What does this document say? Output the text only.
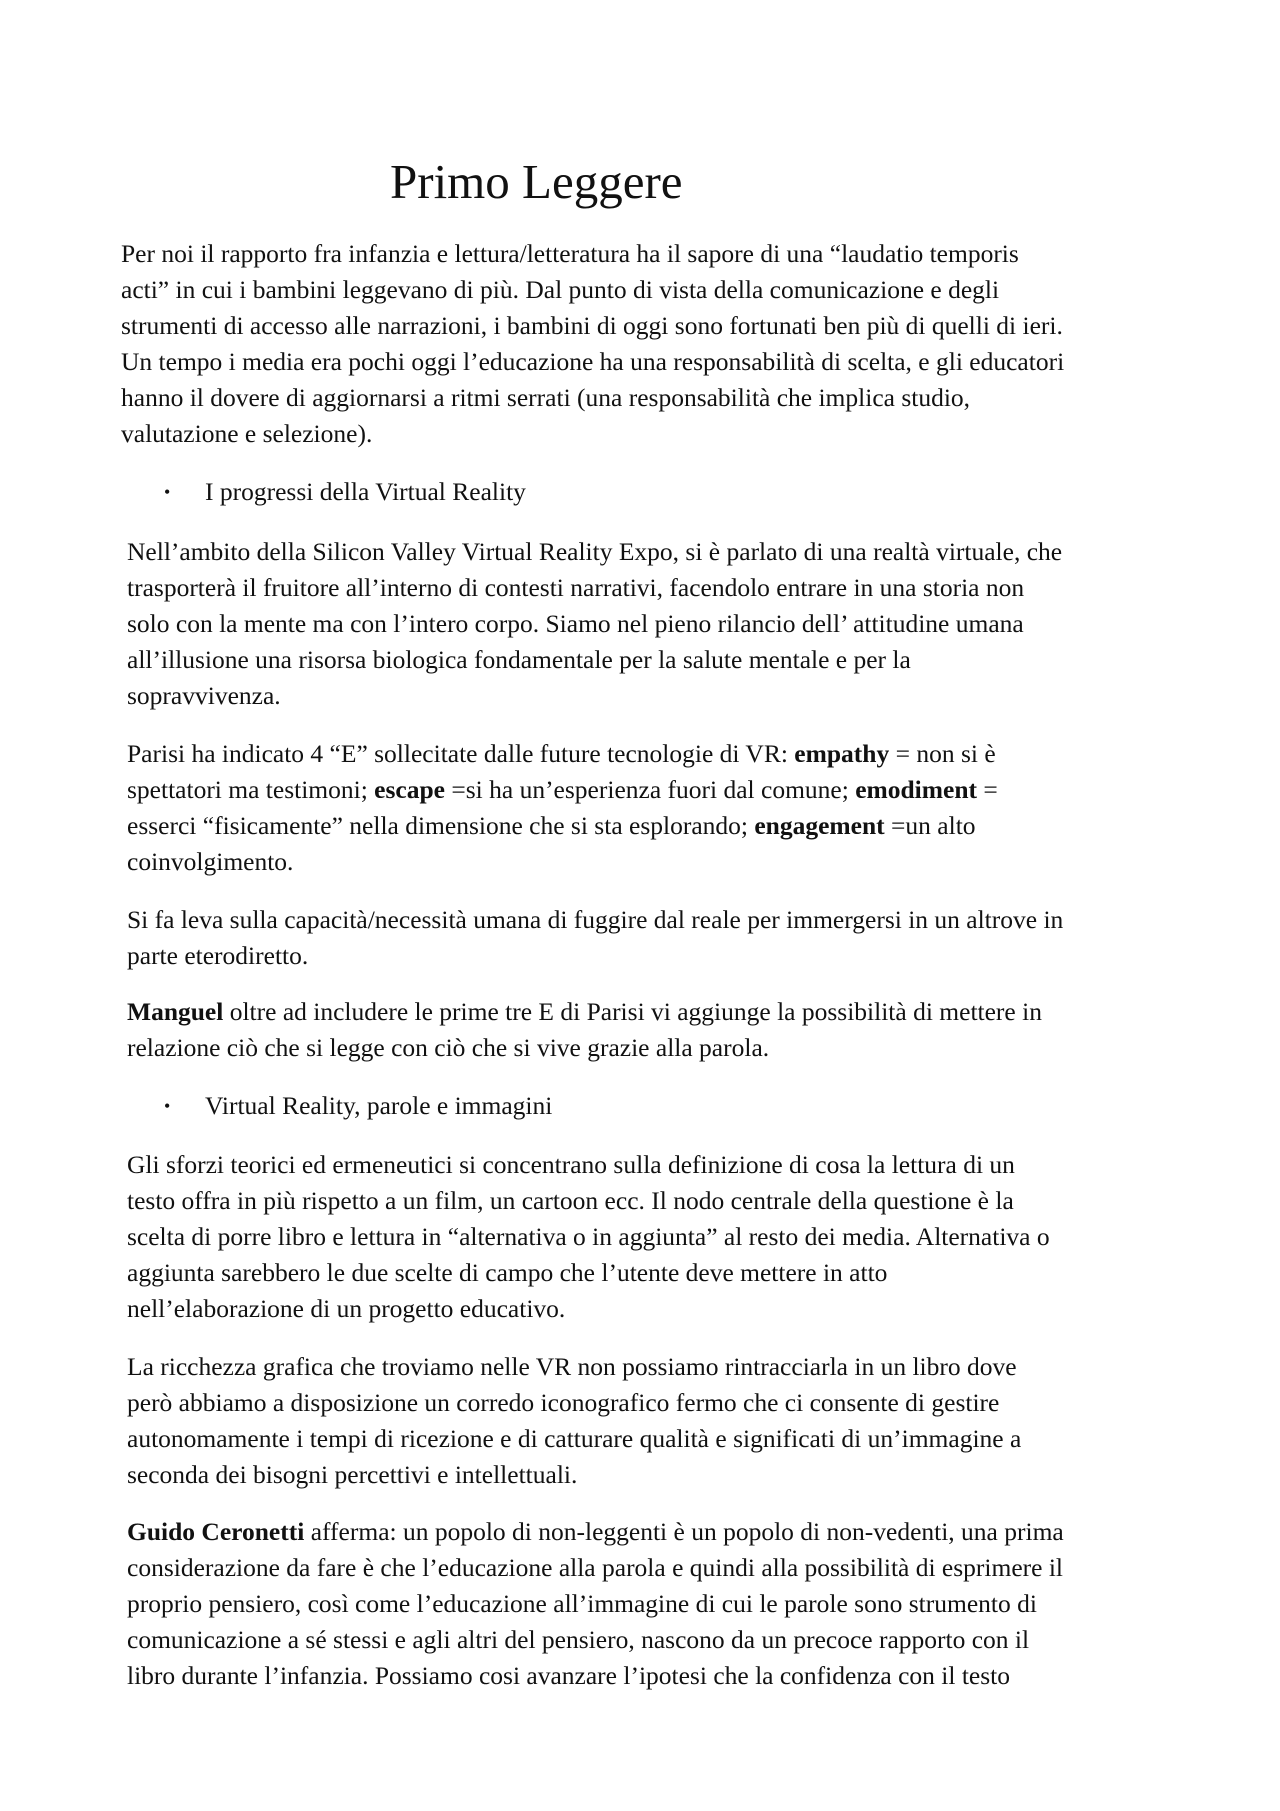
Primo Leggere

Per noi il rapporto fra infanzia e lettura/letteratura ha il sapore di una “laudatio temporis
acti” in cui i bambini leggevano di più. Dal punto di vista della comunicazione e degli
strumenti di accesso alle narrazioni, i bambini di oggi sono fortunati ben più di quelli di ieri.
Un tempo i media era pochi oggi l’educazione ha una responsabilità di scelta, e gli educatori
hanno il dovere di aggiornarsi a ritmi serrati (una responsabilità che implica studio,
valutazione e selezione).

• I progressi della Virtual Reality

Nell’ambito della Silicon Valley Virtual Reality Expo, si è parlato di una realtà virtuale, che
trasporterà il fruitore all’interno di contesti narrativi, facendolo entrare in una storia non
solo con la mente ma con l’intero corpo. Siamo nel pieno rilancio dell’ attitudine umana
all’illusione una risorsa biologica fondamentale per la salute mentale e per la
sopravvivenza.

Parisi ha indicato 4 “E” sollecitate dalle future tecnologie di VR: empathy = non si è
spettatori ma testimoni; escape =si ha un’esperienza fuori dal comune; emodiment =
esserci “fisicamente” nella dimensione che si sta esplorando; engagement =un alto
coinvolgimento.

Si fa leva sulla capacità/necessità umana di fuggire dal reale per immergersi in un altrove in
parte eterodiretto.

Manguel oltre ad includere le prime tre E di Parisi vi aggiunge la possibilità di mettere in
relazione ciò che si legge con ciò che si vive grazie alla parola.

• Virtual Reality, parole e immagini

Gli sforzi teorici ed ermeneutici si concentrano sulla definizione di cosa la lettura di un
testo offra in più rispetto a un film, un cartoon ecc. Il nodo centrale della questione è la
scelta di porre libro e lettura in “alternativa o in aggiunta” al resto dei media. Alternativa o
aggiunta sarebbero le due scelte di campo che l’utente deve mettere in atto
nell’elaborazione di un progetto educativo.

La ricchezza grafica che troviamo nelle VR non possiamo rintracciarla in un libro dove
però abbiamo a disposizione un corredo iconografico fermo che ci consente di gestire
autonomamente i tempi di ricezione e di catturare qualità e significati di un’immagine a
seconda dei bisogni percettivi e intellettuali.

Guido Ceronetti afferma: un popolo di non-leggenti è un popolo di non-vedenti, una prima
considerazione da fare è che l’educazione alla parola e quindi alla possibilità di esprimere il
proprio pensiero, così come l’educazione all’immagine di cui le parole sono strumento di
comunicazione a sé stessi e agli altri del pensiero, nascono da un precoce rapporto con il
libro durante l’infanzia. Possiamo cosi avanzare l’ipotesi che la confidenza con il testo
